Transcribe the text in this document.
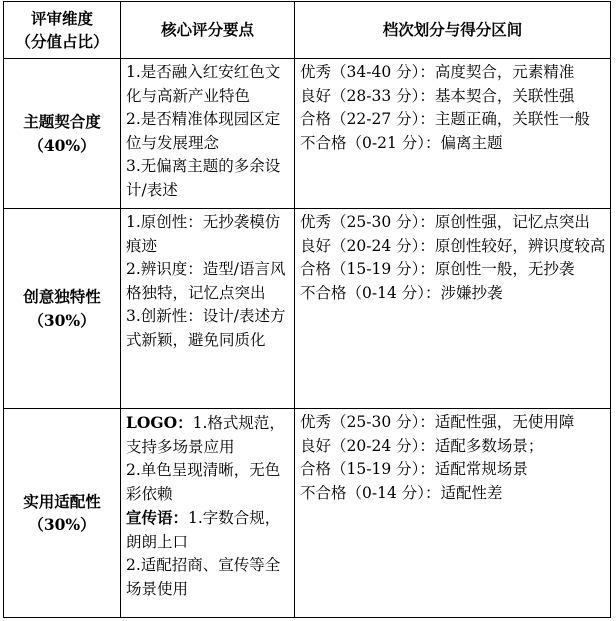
评审维度
（分值占比）	核心评分要点	档次划分与得分区间

主题契合度
（40%）	1.是否融入红安红色文化与高新产业特色
2.是否精准体现园区定位与发展理念
3.无偏离主题的多余设计/表述	优秀（34-40 分）：高度契合，元素精准
良好（28-33 分）：基本契合，关联性强
合格（22-27 分）：主题正确，关联性一般
不合格（0-21 分）：偏离主题

创意独特性
（30%）	1.原创性：无抄袭模仿痕迹
2.辨识度：造型/语言风格独特，记忆点突出
3.创新性：设计/表述方式新颖，避免同质化	优秀（25-30 分）：原创性强，记忆点突出
良好（20-24 分）：原创性较好，辨识度较高
合格（15-19 分）：原创性一般，无抄袭
不合格（0-14 分）：涉嫌抄袭

实用适配性
（30%）	LOGO：1.格式规范，支持多场景应用
2.单色呈现清晰，无色彩依赖
宣传语：1.字数合规，朗朗上口
2.适配招商、宣传等全场景使用	优秀（25-30 分）：适配性强，无使用障
良好（20-24 分）：适配多数场景；
合格（15-19 分）：适配常规场景
不合格（0-14 分）：适配性差
